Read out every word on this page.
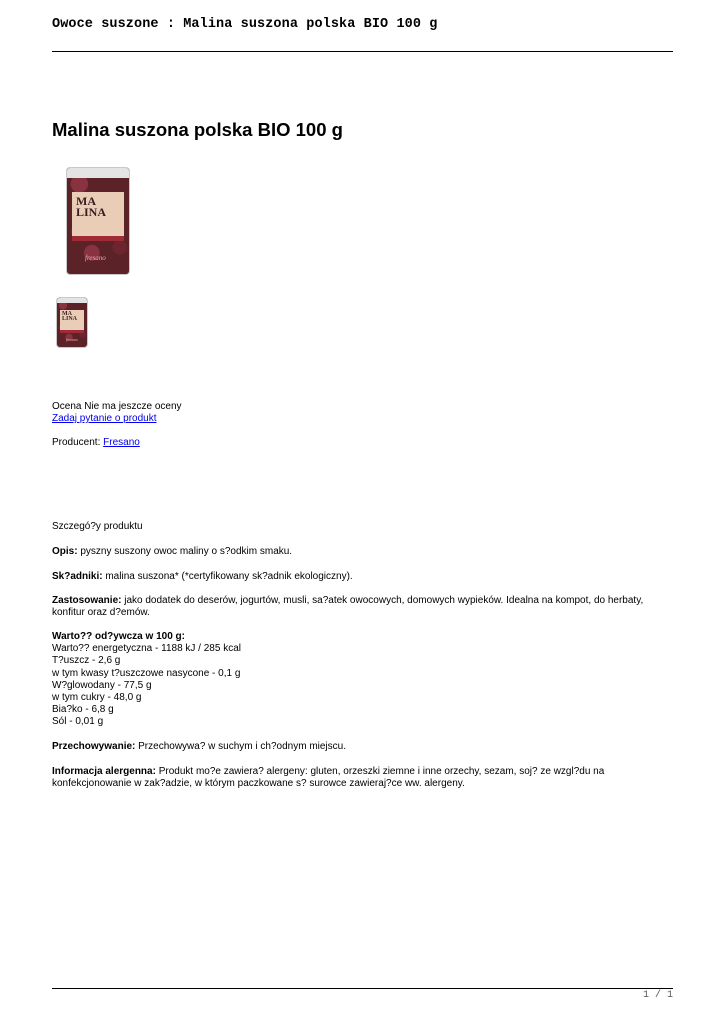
Owoce suszone : Malina suszona polska BIO 100 g
Malina suszona polska BIO 100 g
MA LINA
fresano
MA LINA
fresano
Ocena Nie ma jeszcze oceny
Zadaj pytanie o produkt
Producent: Fresano
Szczegó?y produktu
Opis: pyszny suszony owoc maliny o s?odkim smaku.
Sk?adniki: malina suszona* (*certyfikowany sk?adnik ekologiczny).
Zastosowanie: jako dodatek do deserów, jogurtów, musli, sa?atek owocowych, domowych wypieków. Idealna na kompot, do herbaty, konfitur oraz d?emów.
Warto?? od?ywcza w 100 g:
Warto?? energetyczna - 1188 kJ / 285 kcal
T?uszcz - 2,6 g
w tym kwasy t?uszczowe nasycone - 0,1 g
W?glowodany - 77,5 g
w tym cukry - 48,0 g
Bia?ko - 6,8 g
Sól - 0,01 g
Przechowywanie: Przechowywa? w suchym i ch?odnym miejscu.
Informacja alergenna: Produkt mo?e zawiera? alergeny: gluten, orzeszki ziemne i inne orzechy, sezam, soj? ze wzgl?du na konfekcjonowanie w zak?adzie, w którym paczkowane s? surowce zawieraj?ce ww. alergeny.
1 / 1
